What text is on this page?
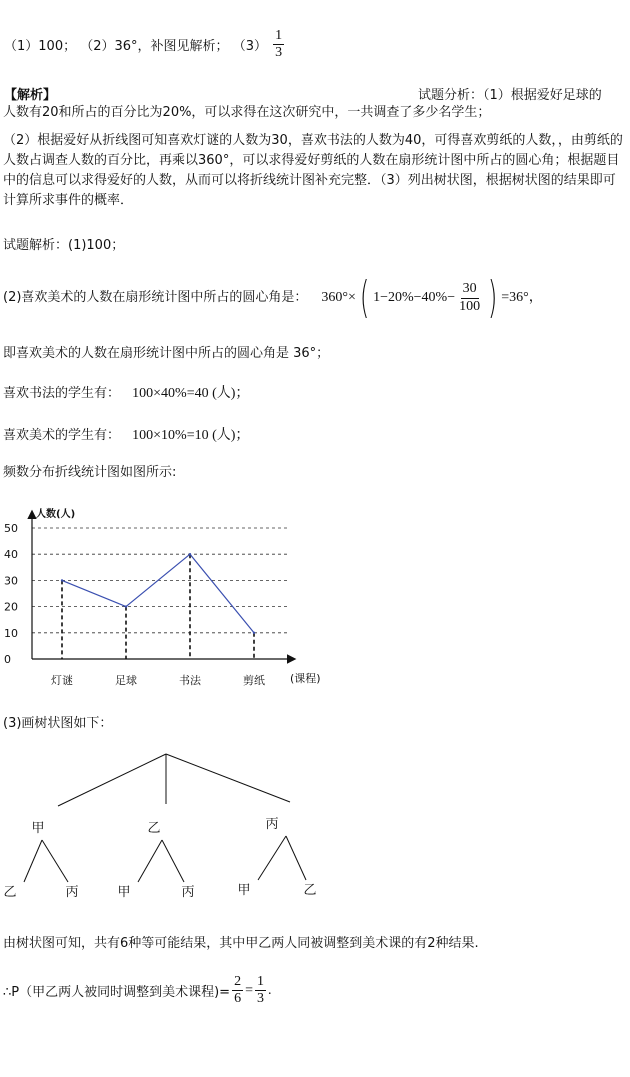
（1）100； （2）36°，补图见解析； $(3) \frac{1}{3}$
【解析】	试题分析：（1）根据爱好足球的
人数有20和所占的百分比为20%，可以求得在这次研究中，一共调查了多少名学生；
（2）根据爱好从折线图可知喜欢灯谜的人数为30，喜欢书法的人数为40，可得喜欢剪纸的人数，，由剪纸的人数占调查人数的百分比，再乘以360°，可以求得爱好剪纸的人数在扇形统计图中所占的圆心角；根据题目中的信息可以求得爱好的人数，从而可以将折线统计图补充完整．（3）列出树状图，根据树状图的结果即可计算所求事件的概率．
试题解析：(1)100；
(2)喜欢美术的人数在扇形统计图中所占的圆心角是： 360°× ( $1-20\%-40\%- \frac{30}{100}$ ) =36°，
即喜欢美术的人数在扇形统计图中所占的圆心角是 36°；
喜欢书法的学生有： 100×40%=40 (人)；
喜欢美术的学生有： 100×10%=10 (人)；
频数分布折线统计图如图所示:
0
10
20
30
40
50
人数(人)
(课程)
灯谜	足球	书法	剪纸
(3)画树状图如下：
甲	乙	丙
乙	丙	甲	丙	甲	乙
由树状图可知，共有6种等可能结果，其中甲乙两人同被调整到美术课的有2种结果.
∴P（甲乙两人被同时调整到美术课程)= $\frac{2}{6} = \frac{1}{3}$ .
